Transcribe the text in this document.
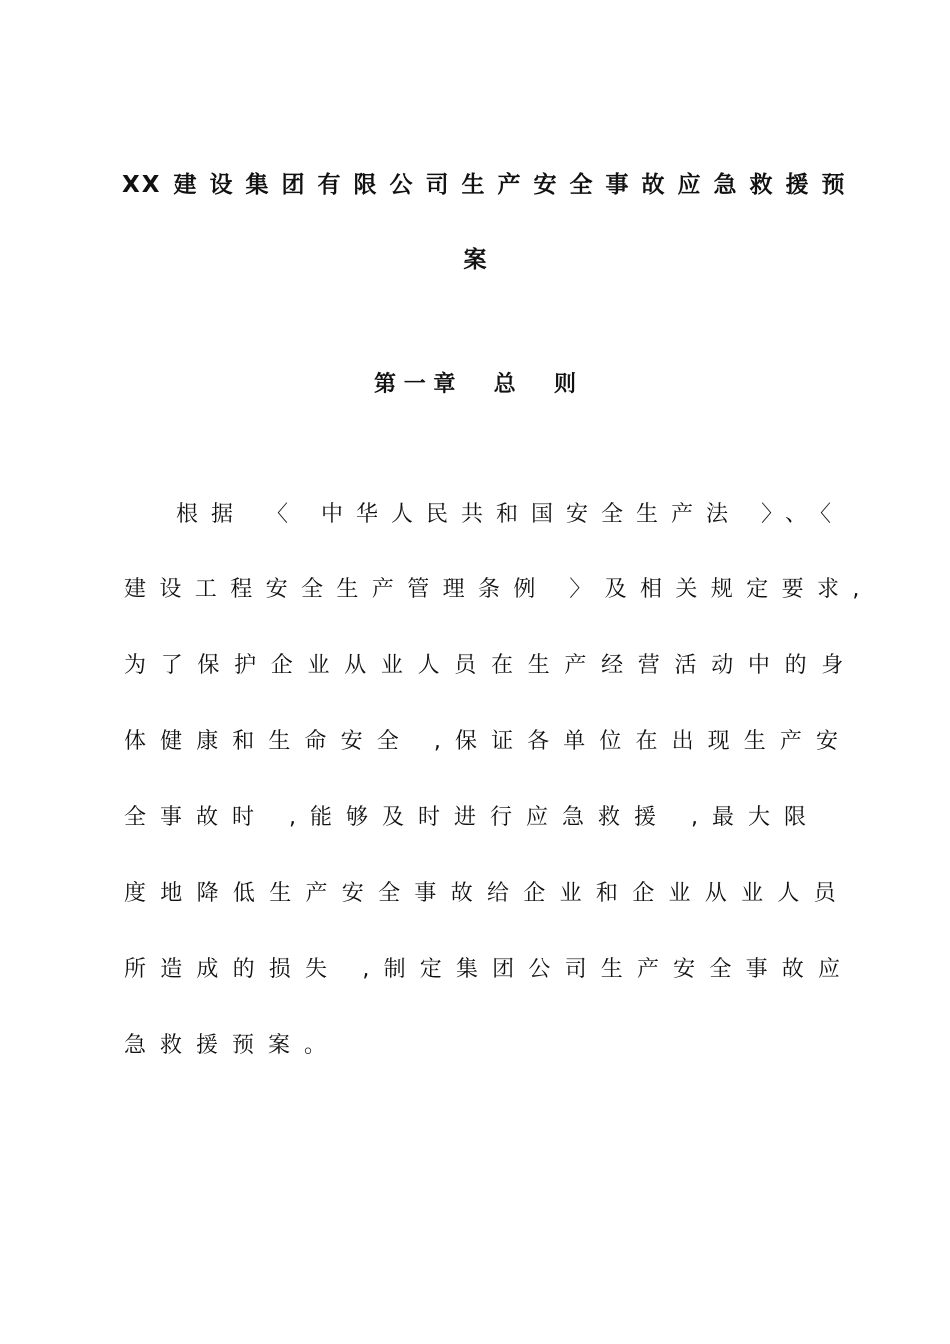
XX 建设集团有限公司生产安全事故应急救援预
案
第 一 章     总     则
根据 〈 中华人民共和国安全生产法 〉、〈
建设工程安全生产管理条例 〉及相关规定要求,
为了保护企业从业人员在生产经营活动中的身
体健康和生命安全 ,保证各单位在出现生产安
全事故时 ,能够及时进行应急救援 ,最大限
度地降低生产安全事故给企业和企业从业人员
所造成的损失 ,制定集团公司生产安全事故应
急救援预案。
